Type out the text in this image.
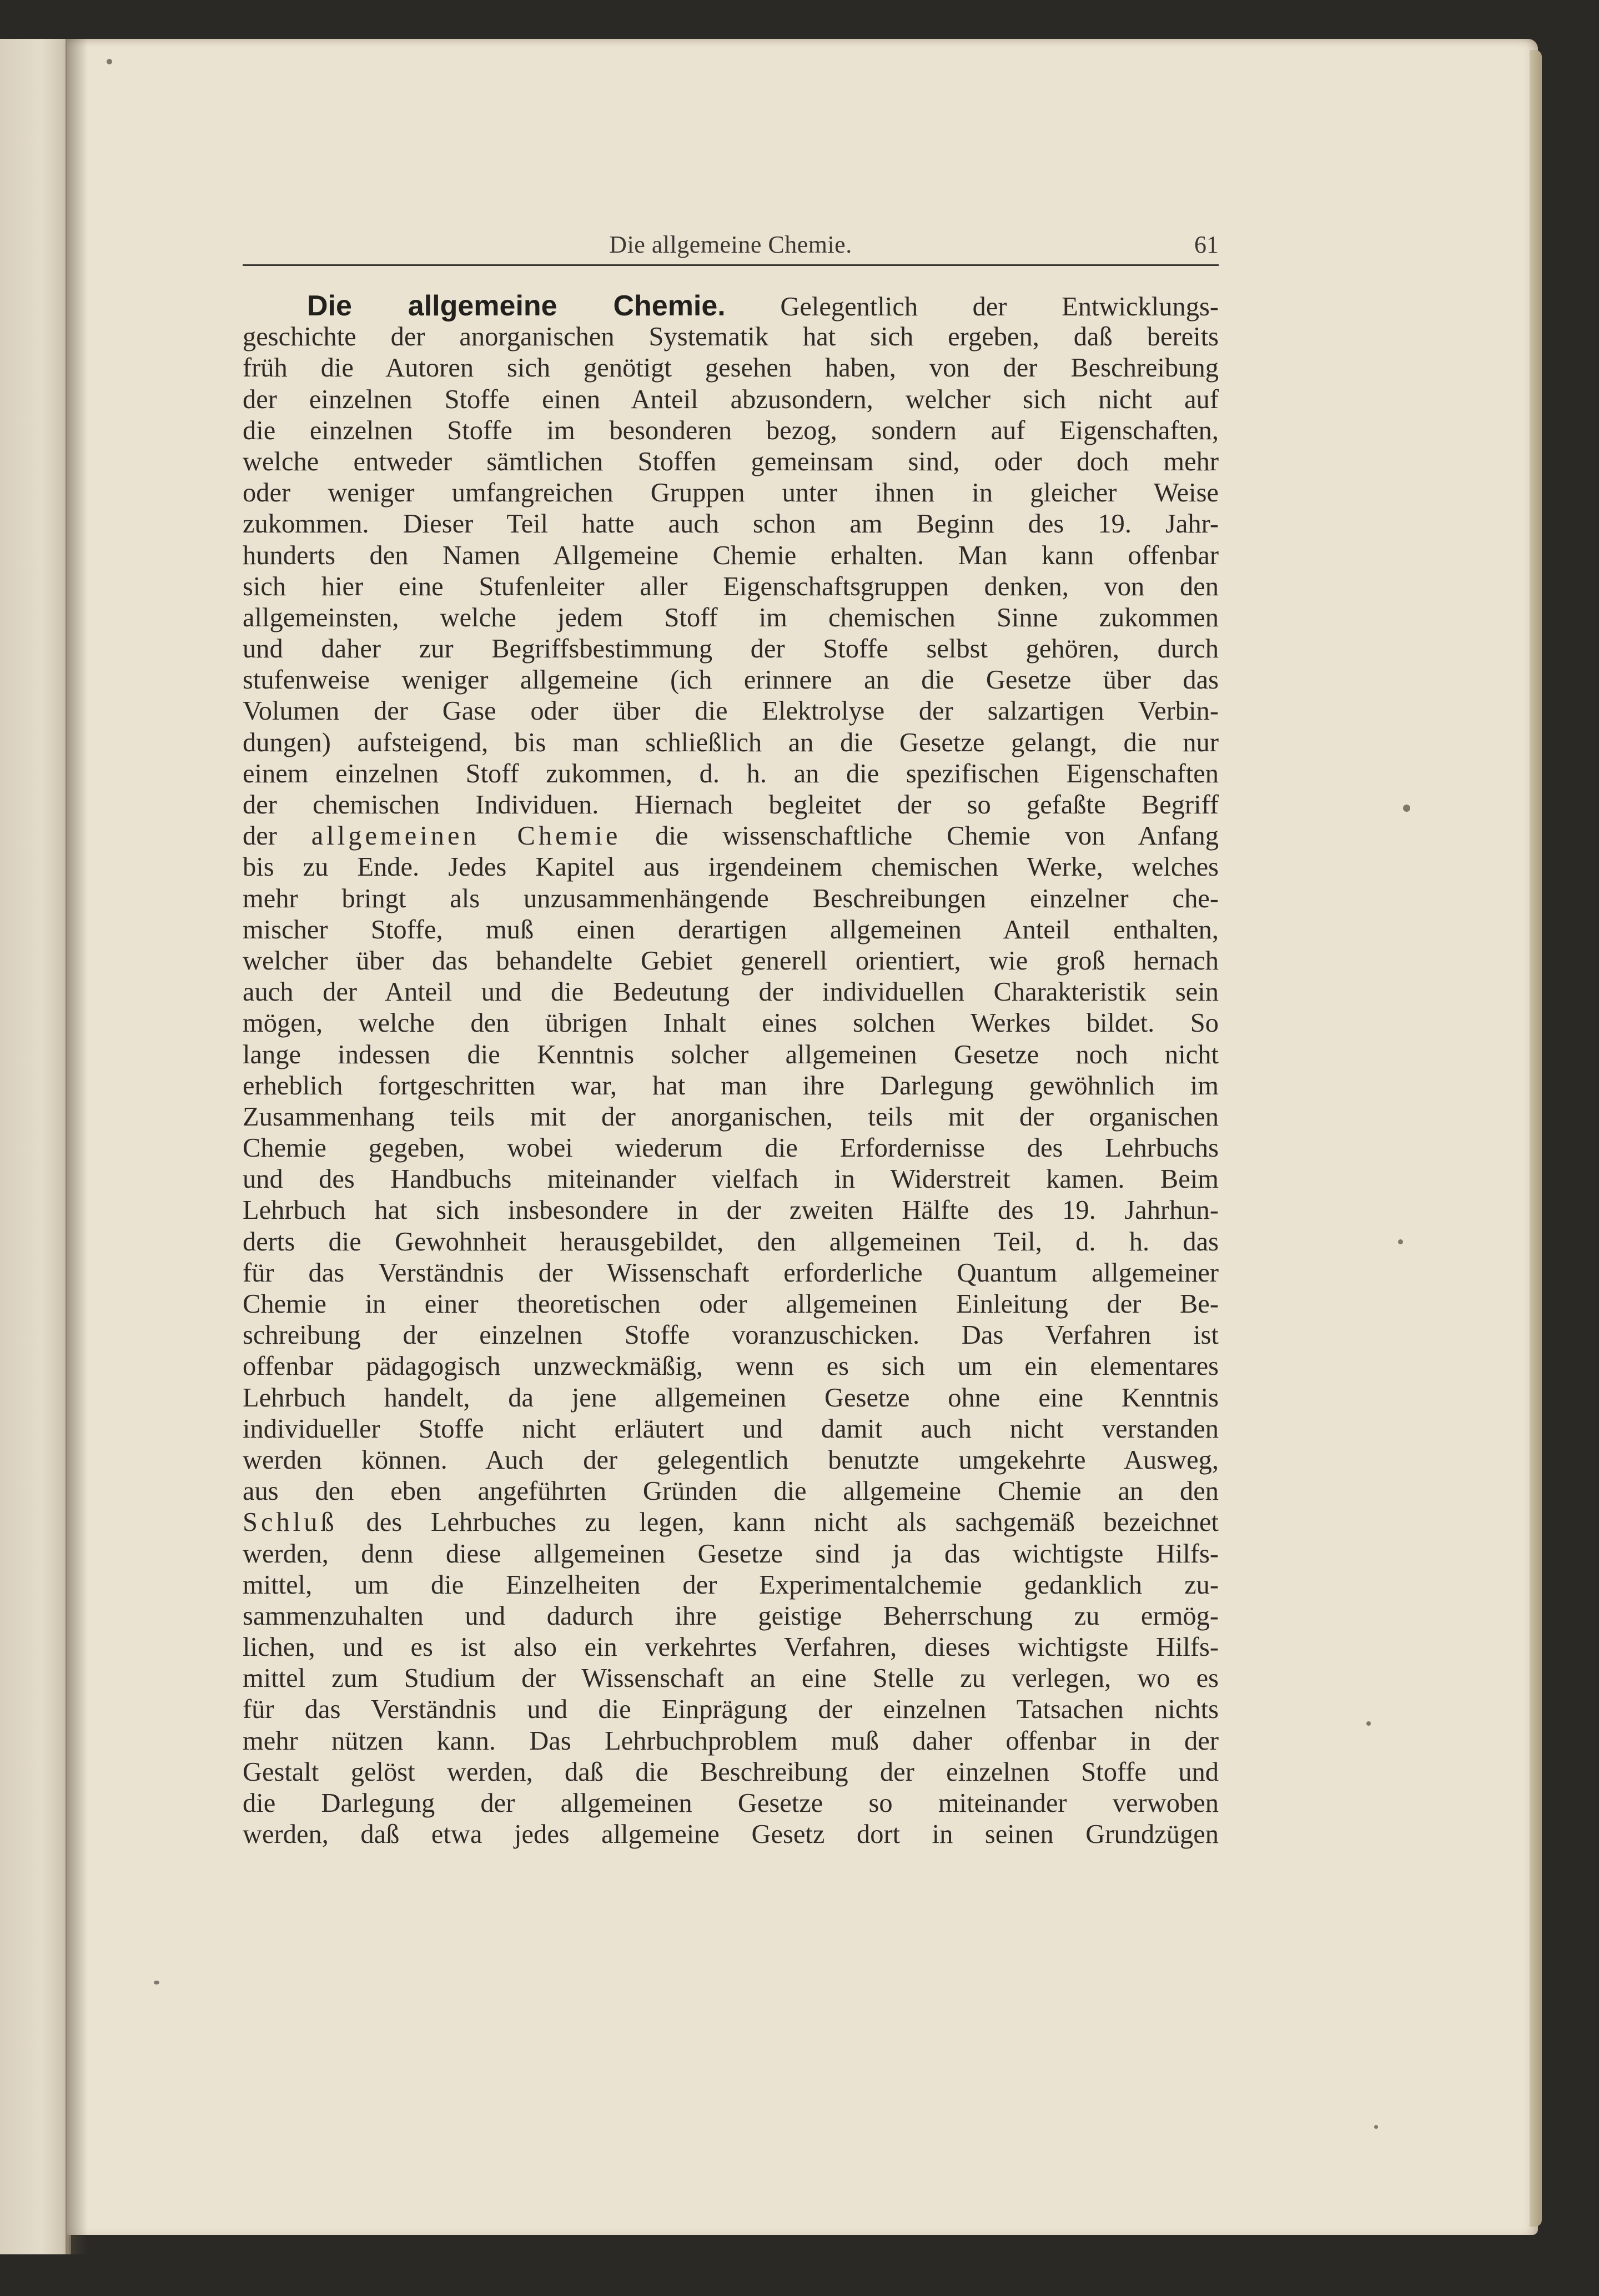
Die allgemeine Chemie.	61
Die allgemeine Chemie. Gelegentlich der Entwicklungs-
geschichte der anorganischen Systematik hat sich ergeben, daß bereits
früh die Autoren sich genötigt gesehen haben, von der Beschreibung
der einzelnen Stoffe einen Anteil abzusondern, welcher sich nicht auf
die einzelnen Stoffe im besonderen bezog, sondern auf Eigenschaften,
welche entweder sämtlichen Stoffen gemeinsam sind, oder doch mehr
oder weniger umfangreichen Gruppen unter ihnen in gleicher Weise
zukommen. Dieser Teil hatte auch schon am Beginn des 19. Jahr-
hunderts den Namen Allgemeine Chemie erhalten. Man kann offenbar
sich hier eine Stufenleiter aller Eigenschaftsgruppen denken, von den
allgemeinsten, welche jedem Stoff im chemischen Sinne zukommen
und daher zur Begriffsbestimmung der Stoffe selbst gehören, durch
stufenweise weniger allgemeine (ich erinnere an die Gesetze über das
Volumen der Gase oder über die Elektrolyse der salzartigen Verbin-
dungen) aufsteigend, bis man schließlich an die Gesetze gelangt, die nur
einem einzelnen Stoff zukommen, d. h. an die spezifischen Eigenschaften
der chemischen Individuen. Hiernach begleitet der so gefaßte Begriff
der allgemeinen Chemie die wissenschaftliche Chemie von Anfang
bis zu Ende. Jedes Kapitel aus irgendeinem chemischen Werke, welches
mehr bringt als unzusammenhängende Beschreibungen einzelner che-
mischer Stoffe, muß einen derartigen allgemeinen Anteil enthalten,
welcher über das behandelte Gebiet generell orientiert, wie groß hernach
auch der Anteil und die Bedeutung der individuellen Charakteristik sein
mögen, welche den übrigen Inhalt eines solchen Werkes bildet. So
lange indessen die Kenntnis solcher allgemeinen Gesetze noch nicht
erheblich fortgeschritten war, hat man ihre Darlegung gewöhnlich im
Zusammenhang teils mit der anorganischen, teils mit der organischen
Chemie gegeben, wobei wiederum die Erfordernisse des Lehrbuchs
und des Handbuchs miteinander vielfach in Widerstreit kamen. Beim
Lehrbuch hat sich insbesondere in der zweiten Hälfte des 19. Jahrhun-
derts die Gewohnheit herausgebildet, den allgemeinen Teil, d. h. das
für das Verständnis der Wissenschaft erforderliche Quantum allgemeiner
Chemie in einer theoretischen oder allgemeinen Einleitung der Be-
schreibung der einzelnen Stoffe voranzuschicken. Das Verfahren ist
offenbar pädagogisch unzweckmäßig, wenn es sich um ein elementares
Lehrbuch handelt, da jene allgemeinen Gesetze ohne eine Kenntnis
individueller Stoffe nicht erläutert und damit auch nicht verstanden
werden können. Auch der gelegentlich benutzte umgekehrte Ausweg,
aus den eben angeführten Gründen die allgemeine Chemie an den
Schluß des Lehrbuches zu legen, kann nicht als sachgemäß bezeichnet
werden, denn diese allgemeinen Gesetze sind ja das wichtigste Hilfs-
mittel, um die Einzelheiten der Experimentalchemie gedanklich zu-
sammenzuhalten und dadurch ihre geistige Beherrschung zu ermög-
lichen, und es ist also ein verkehrtes Verfahren, dieses wichtigste Hilfs-
mittel zum Studium der Wissenschaft an eine Stelle zu verlegen, wo es
für das Verständnis und die Einprägung der einzelnen Tatsachen nichts
mehr nützen kann. Das Lehrbuchproblem muß daher offenbar in der
Gestalt gelöst werden, daß die Beschreibung der einzelnen Stoffe und
die Darlegung der allgemeinen Gesetze so miteinander verwoben
werden, daß etwa jedes allgemeine Gesetz dort in seinen Grundzügen
